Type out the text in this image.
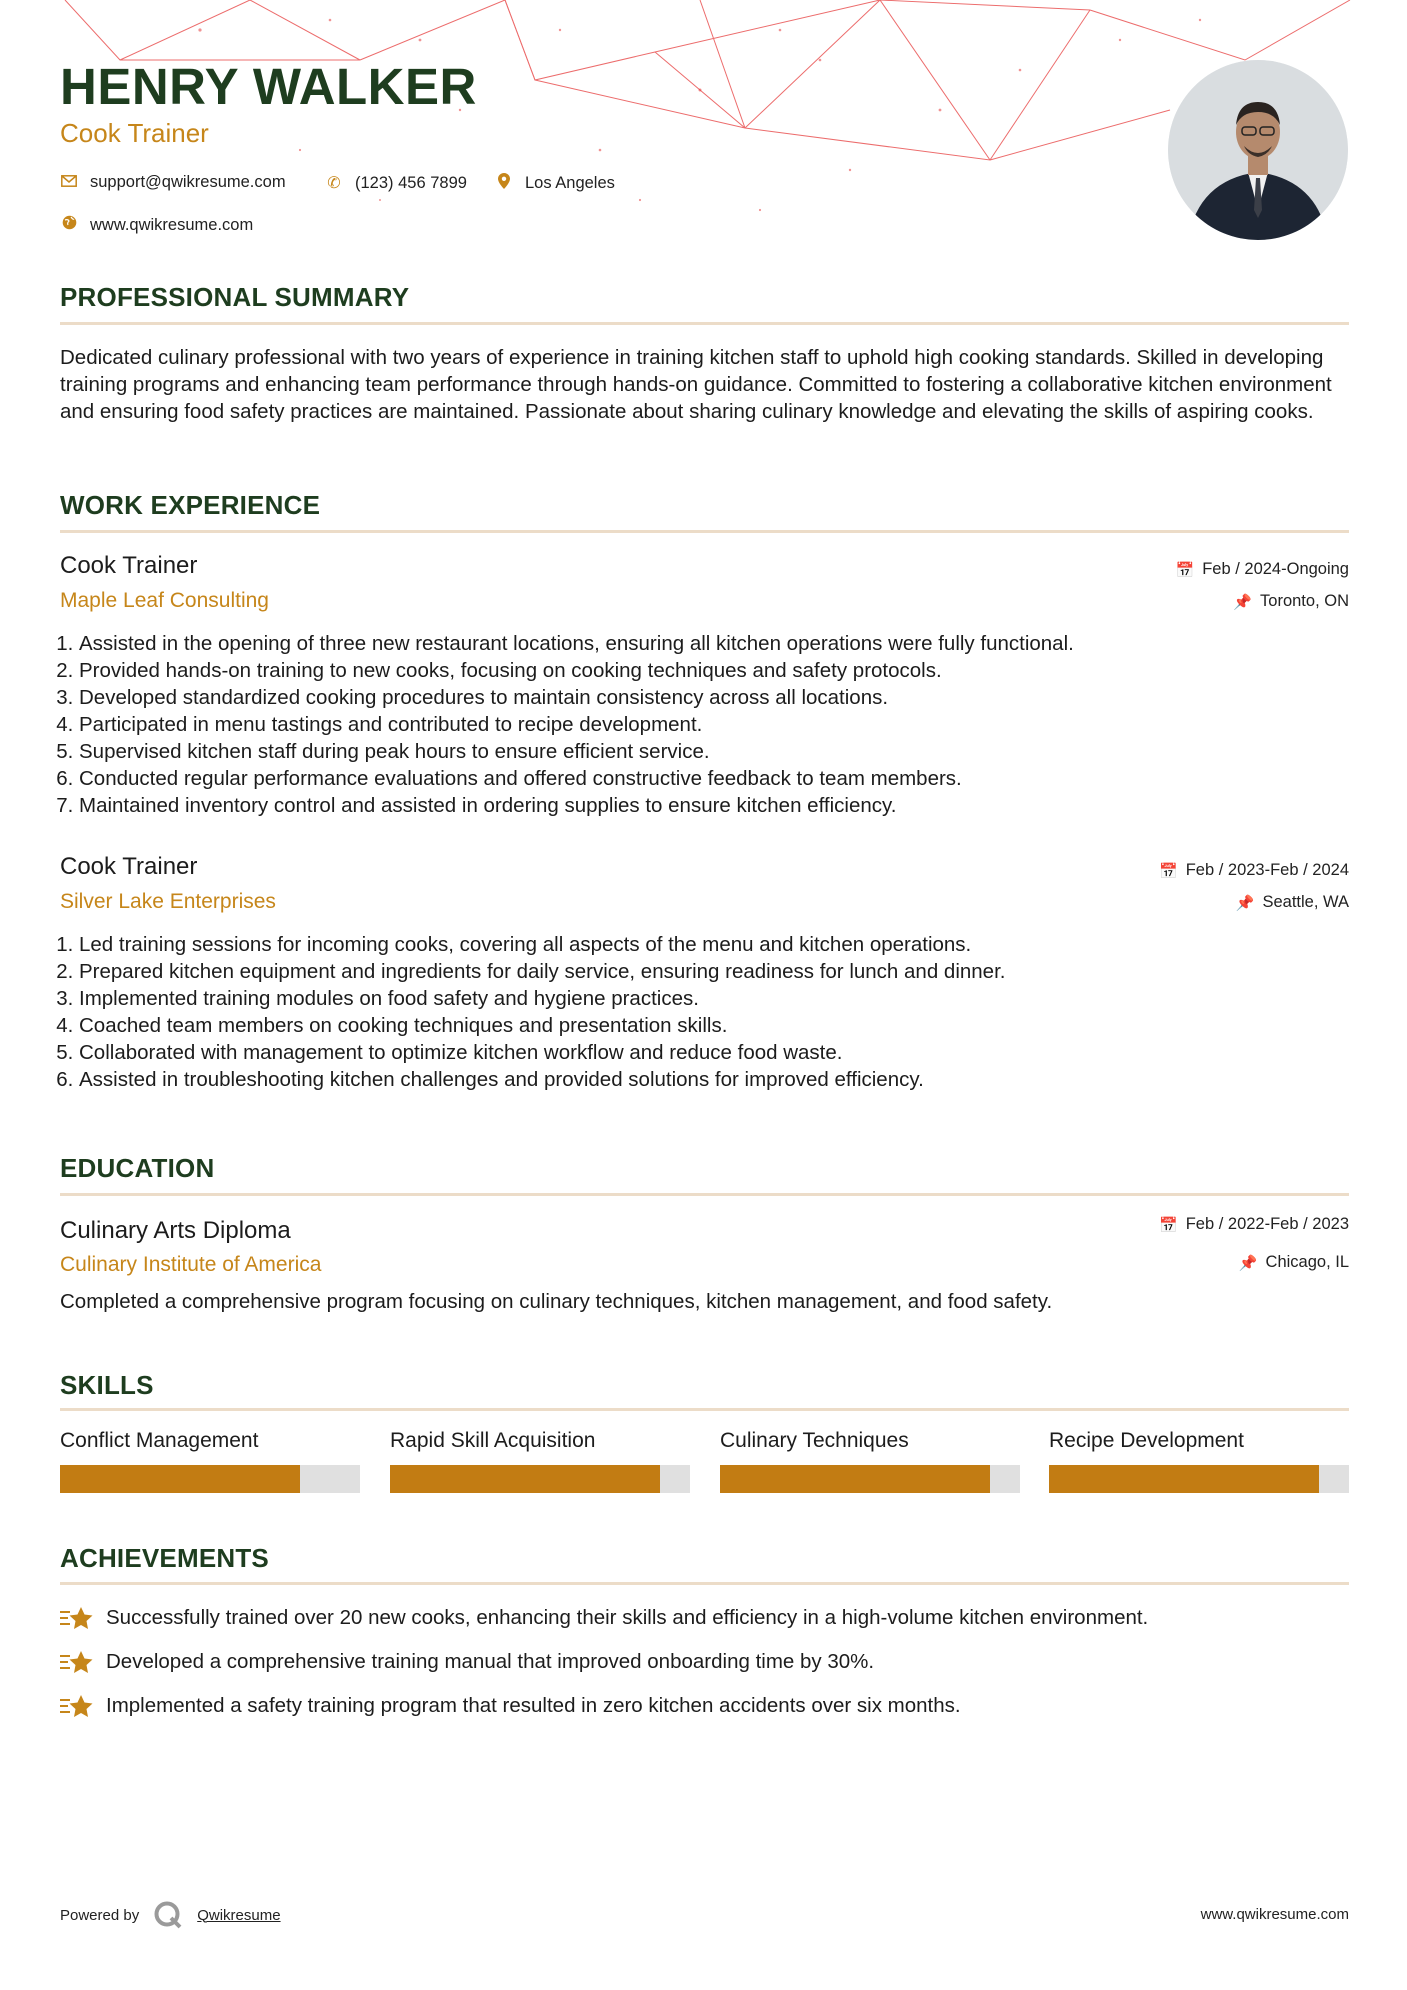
HENRY WALKER

Cook Trainer

support@qwikresume.com	✆ (123) 456 7899	Los Angeles
www.qwikresume.com
PROFESSIONAL SUMMARY

Dedicated culinary professional with two years of experience in training kitchen staff to uphold high cooking standards. Skilled in developing training programs and enhancing team performance through hands-on guidance. Committed to fostering a collaborative kitchen environment and ensuring food safety practices are maintained. Passionate about sharing culinary knowledge and elevating the skills of aspiring cooks.

WORK EXPERIENCE

Cook Trainer

Maple Leaf Consulting

📅 Feb / 2024-Ongoing
📌 Toronto, ON
1. Assisted in the opening of three new restaurant locations, ensuring all kitchen operations were fully functional.
2. Provided hands-on training to new cooks, focusing on cooking techniques and safety protocols.
3. Developed standardized cooking procedures to maintain consistency across all locations.
4. Participated in menu tastings and contributed to recipe development.
5. Supervised kitchen staff during peak hours to ensure efficient service.
6. Conducted regular performance evaluations and offered constructive feedback to team members.
7. Maintained inventory control and assisted in ordering supplies to ensure kitchen efficiency.

Cook Trainer

Silver Lake Enterprises

📅 Feb / 2023-Feb / 2024
📌 Seattle, WA
1. Led training sessions for incoming cooks, covering all aspects of the menu and kitchen operations.
2. Prepared kitchen equipment and ingredients for daily service, ensuring readiness for lunch and dinner.
3. Implemented training modules on food safety and hygiene practices.
4. Coached team members on cooking techniques and presentation skills.
5. Collaborated with management to optimize kitchen workflow and reduce food waste.
6. Assisted in troubleshooting kitchen challenges and provided solutions for improved efficiency.
EDUCATION

Culinary Arts Diploma

Culinary Institute of America

📅 Feb / 2022-Feb / 2023
📌 Chicago, IL

Completed a comprehensive program focusing on culinary techniques, kitchen management, and food safety.

SKILLS

Conflict Management	Rapid Skill Acquisition	Culinary Techniques	Recipe Development

ACHIEVEMENTS
Successfully trained over 20 new cooks, enhancing their skills and efficiency in a high-volume kitchen environment.
Developed a comprehensive training manual that improved onboarding time by 30%.
Implemented a safety training program that resulted in zero kitchen accidents over six months.
Powered by	Qwikresume	www.qwikresume.com
